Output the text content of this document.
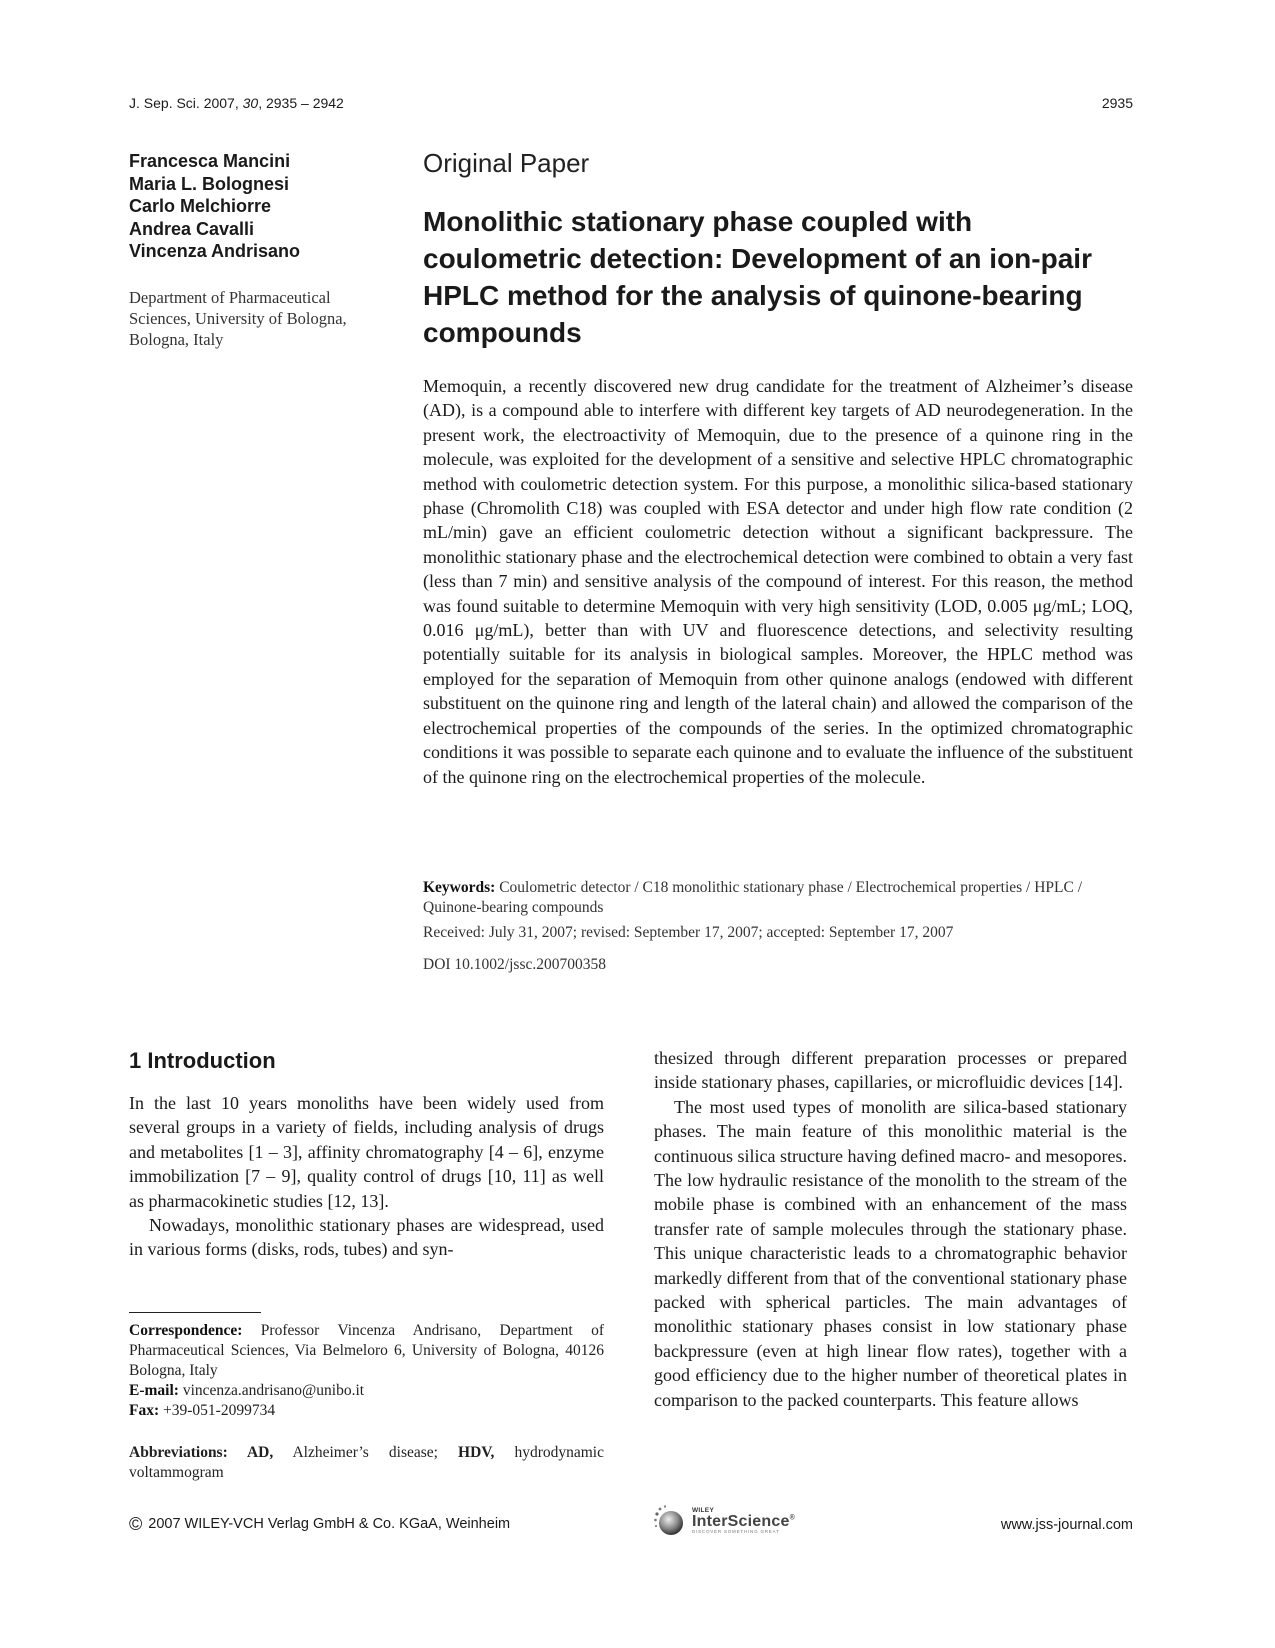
J. Sep. Sci. 2007, 30, 2935 – 2942	2935
Francesca Mancini
Maria L. Bolognesi
Carlo Melchiorre
Andrea Cavalli
Vincenza Andrisano
Department of Pharmaceutical
Sciences, University of Bologna,
Bologna, Italy
Original Paper
Monolithic stationary phase coupled with
coulometric detection: Development of an ion-pair
HPLC method for the analysis of quinone-bearing
compounds

Memoquin, a recently discovered new drug candidate for the treatment of Alzheimer’s disease (AD), is a compound able to interfere with different key targets of AD neurodegeneration. In the present work, the electroactivity of Memoquin, due to the presence of a quinone ring in the molecule, was exploited for the development of a sensitive and selective HPLC chromatographic method with coulometric detection system. For this purpose, a monolithic silica-based stationary phase (Chromolith C18) was coupled with ESA detector and under high flow rate condition (2 mL/min) gave an efficient coulometric detection without a significant backpressure. The monolithic stationary phase and the electrochemical detection were combined to obtain a very fast (less than 7 min) and sensitive analysis of the compound of interest. For this reason, the method was found suitable to determine Memoquin with very high sensitivity (LOD, 0.005 μg/mL; LOQ, 0.016 μg/mL), better than with UV and fluorescence detections, and selectivity resulting potentially suitable for its analysis in biological samples. Moreover, the HPLC method was employed for the separation of Memoquin from other quinone analogs (endowed with different substituent on the quinone ring and length of the lateral chain) and allowed the comparison of the electrochemical properties of the compounds of the series. In the optimized chromatographic conditions it was possible to separate each quinone and to evaluate the influence of the substituent of the quinone ring on the electrochemical properties of the molecule.

Keywords: Coulometric detector / C18 monolithic stationary phase / Electrochemical properties / HPLC / Quinone-bearing compounds
Received: July 31, 2007; revised: September 17, 2007; accepted: September 17, 2007
DOI 10.1002/jssc.200700358
1 Introduction

In the last 10 years monoliths have been widely used from several groups in a variety of fields, including analysis of drugs and metabolites [1 – 3], affinity chromatography [4 – 6], enzyme immobilization [7 – 9], quality control of drugs [10, 11] as well as pharmacokinetic studies [12, 13].

Nowadays, monolithic stationary phases are widespread, used in various forms (disks, rods, tubes) and syn-

Correspondence: Professor Vincenza Andrisano, Department of Pharmaceutical Sciences, Via Belmeloro 6, University of Bologna, 40126 Bologna, Italy
E-mail: vincenza.andrisano@unibo.it
Fax: +39-051-2099734
Abbreviations: AD, Alzheimer’s disease; HDV, hydrodynamic voltammogram

thesized through different preparation processes or prepared inside stationary phases, capillaries, or microfluidic devices [14].

The most used types of monolith are silica-based stationary phases. The main feature of this monolithic material is the continuous silica structure having defined macro- and mesopores. The low hydraulic resistance of the monolith to the stream of the mobile phase is combined with an enhancement of the mass transfer rate of sample molecules through the stationary phase. This unique characteristic leads to a chromatographic behavior markedly different from that of the conventional stationary phase packed with spherical particles. The main advantages of monolithic stationary phases consist in low stationary phase backpressure (even at high linear flow rates), together with a good efficiency due to the higher number of theoretical plates in comparison to the packed counterparts. This feature allows

© 2007 WILEY-VCH Verlag GmbH & Co. KGaA, Weinheim
WILEY
InterScience®
DISCOVER SOMETHING GREAT	www.jss-journal.com
